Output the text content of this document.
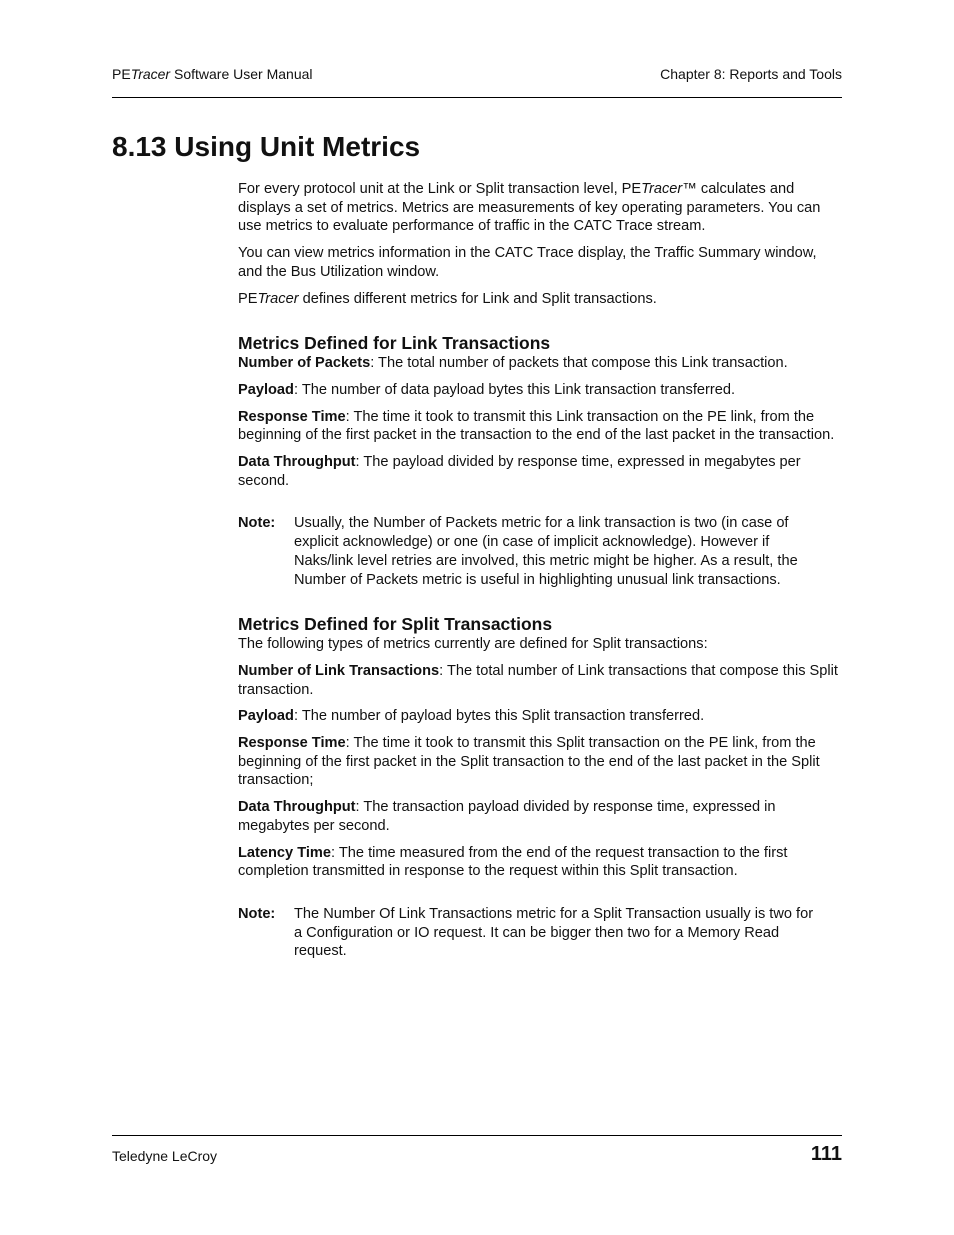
PETracer Software User Manual	Chapter 8: Reports and Tools
8.13 Using Unit Metrics

For every protocol unit at the Link or Split transaction level, PETracer™ calculates and displays a set of metrics. Metrics are measurements of key operating parameters. You can use metrics to evaluate performance of traffic in the CATC Trace stream.

You can view metrics information in the CATC Trace display, the Traffic Summary window, and the Bus Utilization window.

PETracer defines different metrics for Link and Split transactions.

Metrics Defined for Link Transactions

Number of Packets: The total number of packets that compose this Link transaction.

Payload: The number of data payload bytes this Link transaction transferred.

Response Time: The time it took to transmit this Link transaction on the PE link, from the beginning of the first packet in the transaction to the end of the last packet in the transaction.

Data Throughput: The payload divided by response time, expressed in megabytes per second.

Note:	Usually, the Number of Packets metric for a link transaction is two (in case of explicit acknowledge) or one (in case of implicit acknowledge). However if Naks/link level retries are involved, this metric might be higher. As a result, the Number of Packets metric is useful in highlighting unusual link transactions.
Metrics Defined for Split Transactions

The following types of metrics currently are defined for Split transactions:

Number of Link Transactions: The total number of Link transactions that compose this Split transaction.

Payload: The number of payload bytes this Split transaction transferred.

Response Time: The time it took to transmit this Split transaction on the PE link, from the beginning of the first packet in the Split transaction to the end of the last packet in the Split transaction;

Data Throughput: The transaction payload divided by response time, expressed in megabytes per second.

Latency Time: The time measured from the end of the request transaction to the first completion transmitted in response to the request within this Split transaction.

Note:	The Number Of Link Transactions metric for a Split Transaction usually is two for a Configuration or IO request. It can be bigger then two for a Memory Read request.
Teledyne LeCroy	111
